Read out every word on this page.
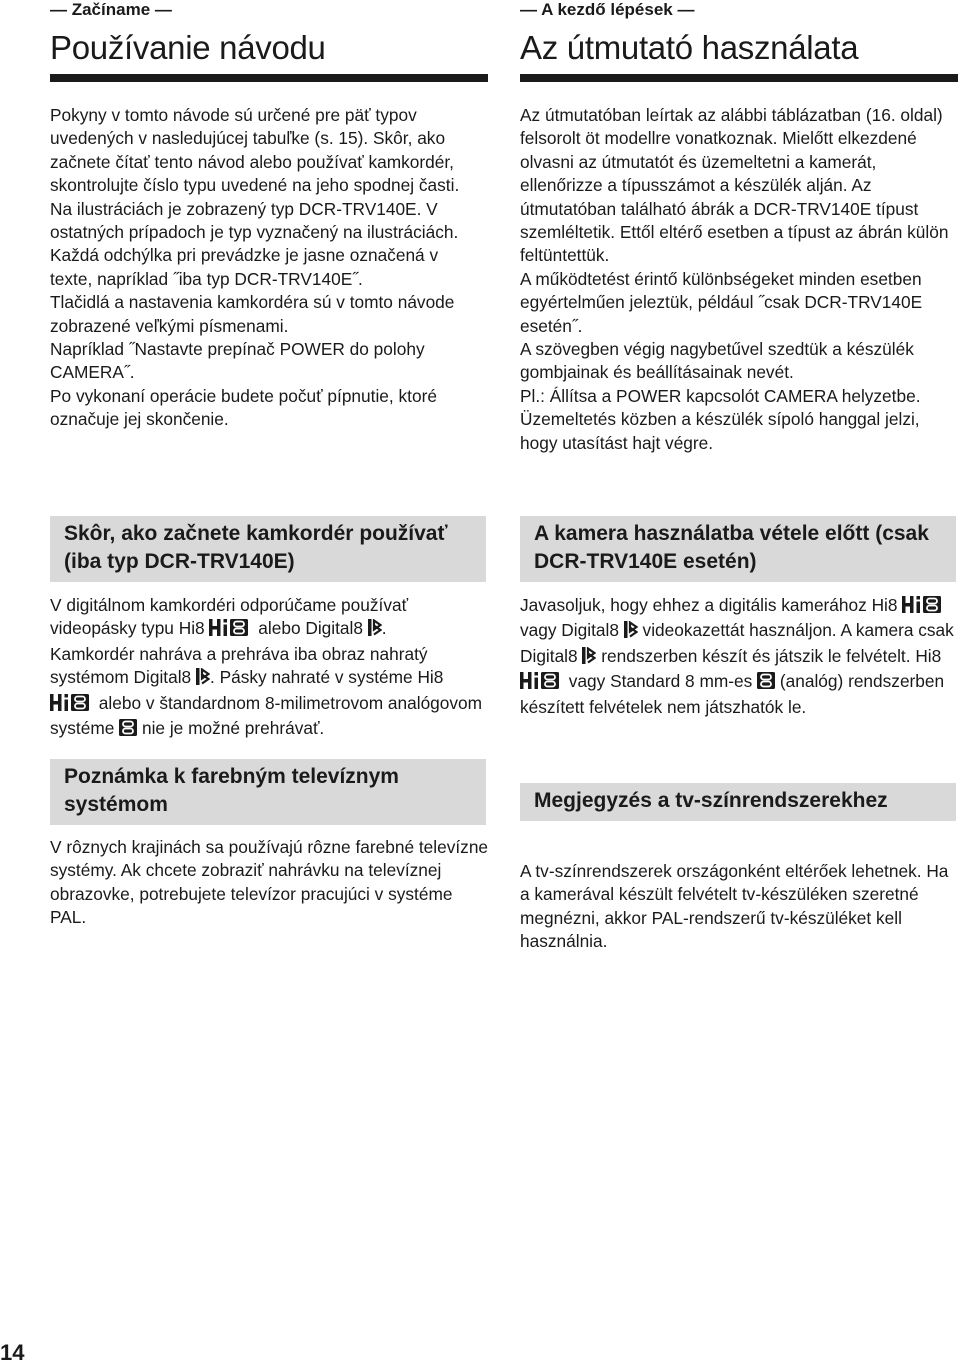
— Začíname —
Používanie návodu

Pokyny v tomto návode sú určené pre päť typov uvedených v nasledujúcej tabuľke (s. 15). Skôr, ako začnete čítať tento návod alebo používať kamkordér, skontrolujte číslo typu uvedené na jeho spodnej časti. Na ilustráciách je zobrazený typ DCR-TRV140E. V ostatných prípadoch je typ vyznačený na ilustráciách. Každá odchýlka pri prevádzke je jasne označená v texte, napríklad ˝iba typ DCR-TRV140E˝.

Tlačidlá a nastavenia kamkordéra sú v tomto návode zobrazené veľkými písmenami.

Napríklad ˝Nastavte prepínač POWER do polohy CAMERA˝.

Po vykonaní operácie budete počuť pípnutie, ktoré označuje jej skončenie.

Skôr, ako začnete kamkordér používať (iba typ DCR-TRV140E)

V digitálnom kamkordéri odporúčame používať videopásky typu Hi8	alebo Digital8 .

Kamkordér nahráva a prehráva iba obraz nahratý systémom Digital8 . Pásky nahraté v systéme Hi8  alebo v štandardnom 8-milimetrovom analógovom systéme  nie je možné prehrávať.

Poznámka k farebným televíznym systémom

V rôznych krajinách sa používajú rôzne farebné televízne systémy. Ak chcete zobraziť nahrávku na televíznej obrazovke, potrebujete televízor pracujúci v systéme PAL.

— A kezdő lépések —
Az útmutató használata

Az útmutatóban leírtak az alábbi táblázatban (16. oldal) felsorolt öt modellre vonatkoznak. Mielőtt elkezdené olvasni az útmutatót és üzemeltetni a kamerát, ellenőrizze a típusszámot a készülék alján. Az útmutatóban található ábrák a DCR-TRV140E típust szemléltetik. Ettől eltérő esetben a típust az ábrán külön feltüntettük.

A működtetést érintő különbségeket minden esetben egyértelműen jeleztük, például ˝csak DCR-TRV140E esetén˝.

A szövegben végig nagybetűvel szedtük a készülék gombjainak és beállításainak nevét.

Pl.: Állítsa a POWER kapcsolót CAMERA helyzetbe.

Üzemeltetés közben a készülék sípoló hanggal jelzi, hogy utasítást hajt végre.

A kamera használatba vétele előtt (csak DCR-TRV140E esetén)

Javasoljuk, hogy ehhez a digitális kamerához Hi8  vagy Digital8  videokazettát használjon. A kamera csak Digital8  rendszerben készít és játszik le felvételt. Hi8  vagy Standard 8 mm-es  (analóg) rendszerben készített felvételek nem játszhatók le.

Megjegyzés a tv-színrendszerekhez

A tv-színrendszerek országonként eltérőek lehetnek. Ha a kamerával készült felvételt tv-készüléken szeretné megnézni, akkor PAL-rendszerű tv-készüléket kell használnia.

14
